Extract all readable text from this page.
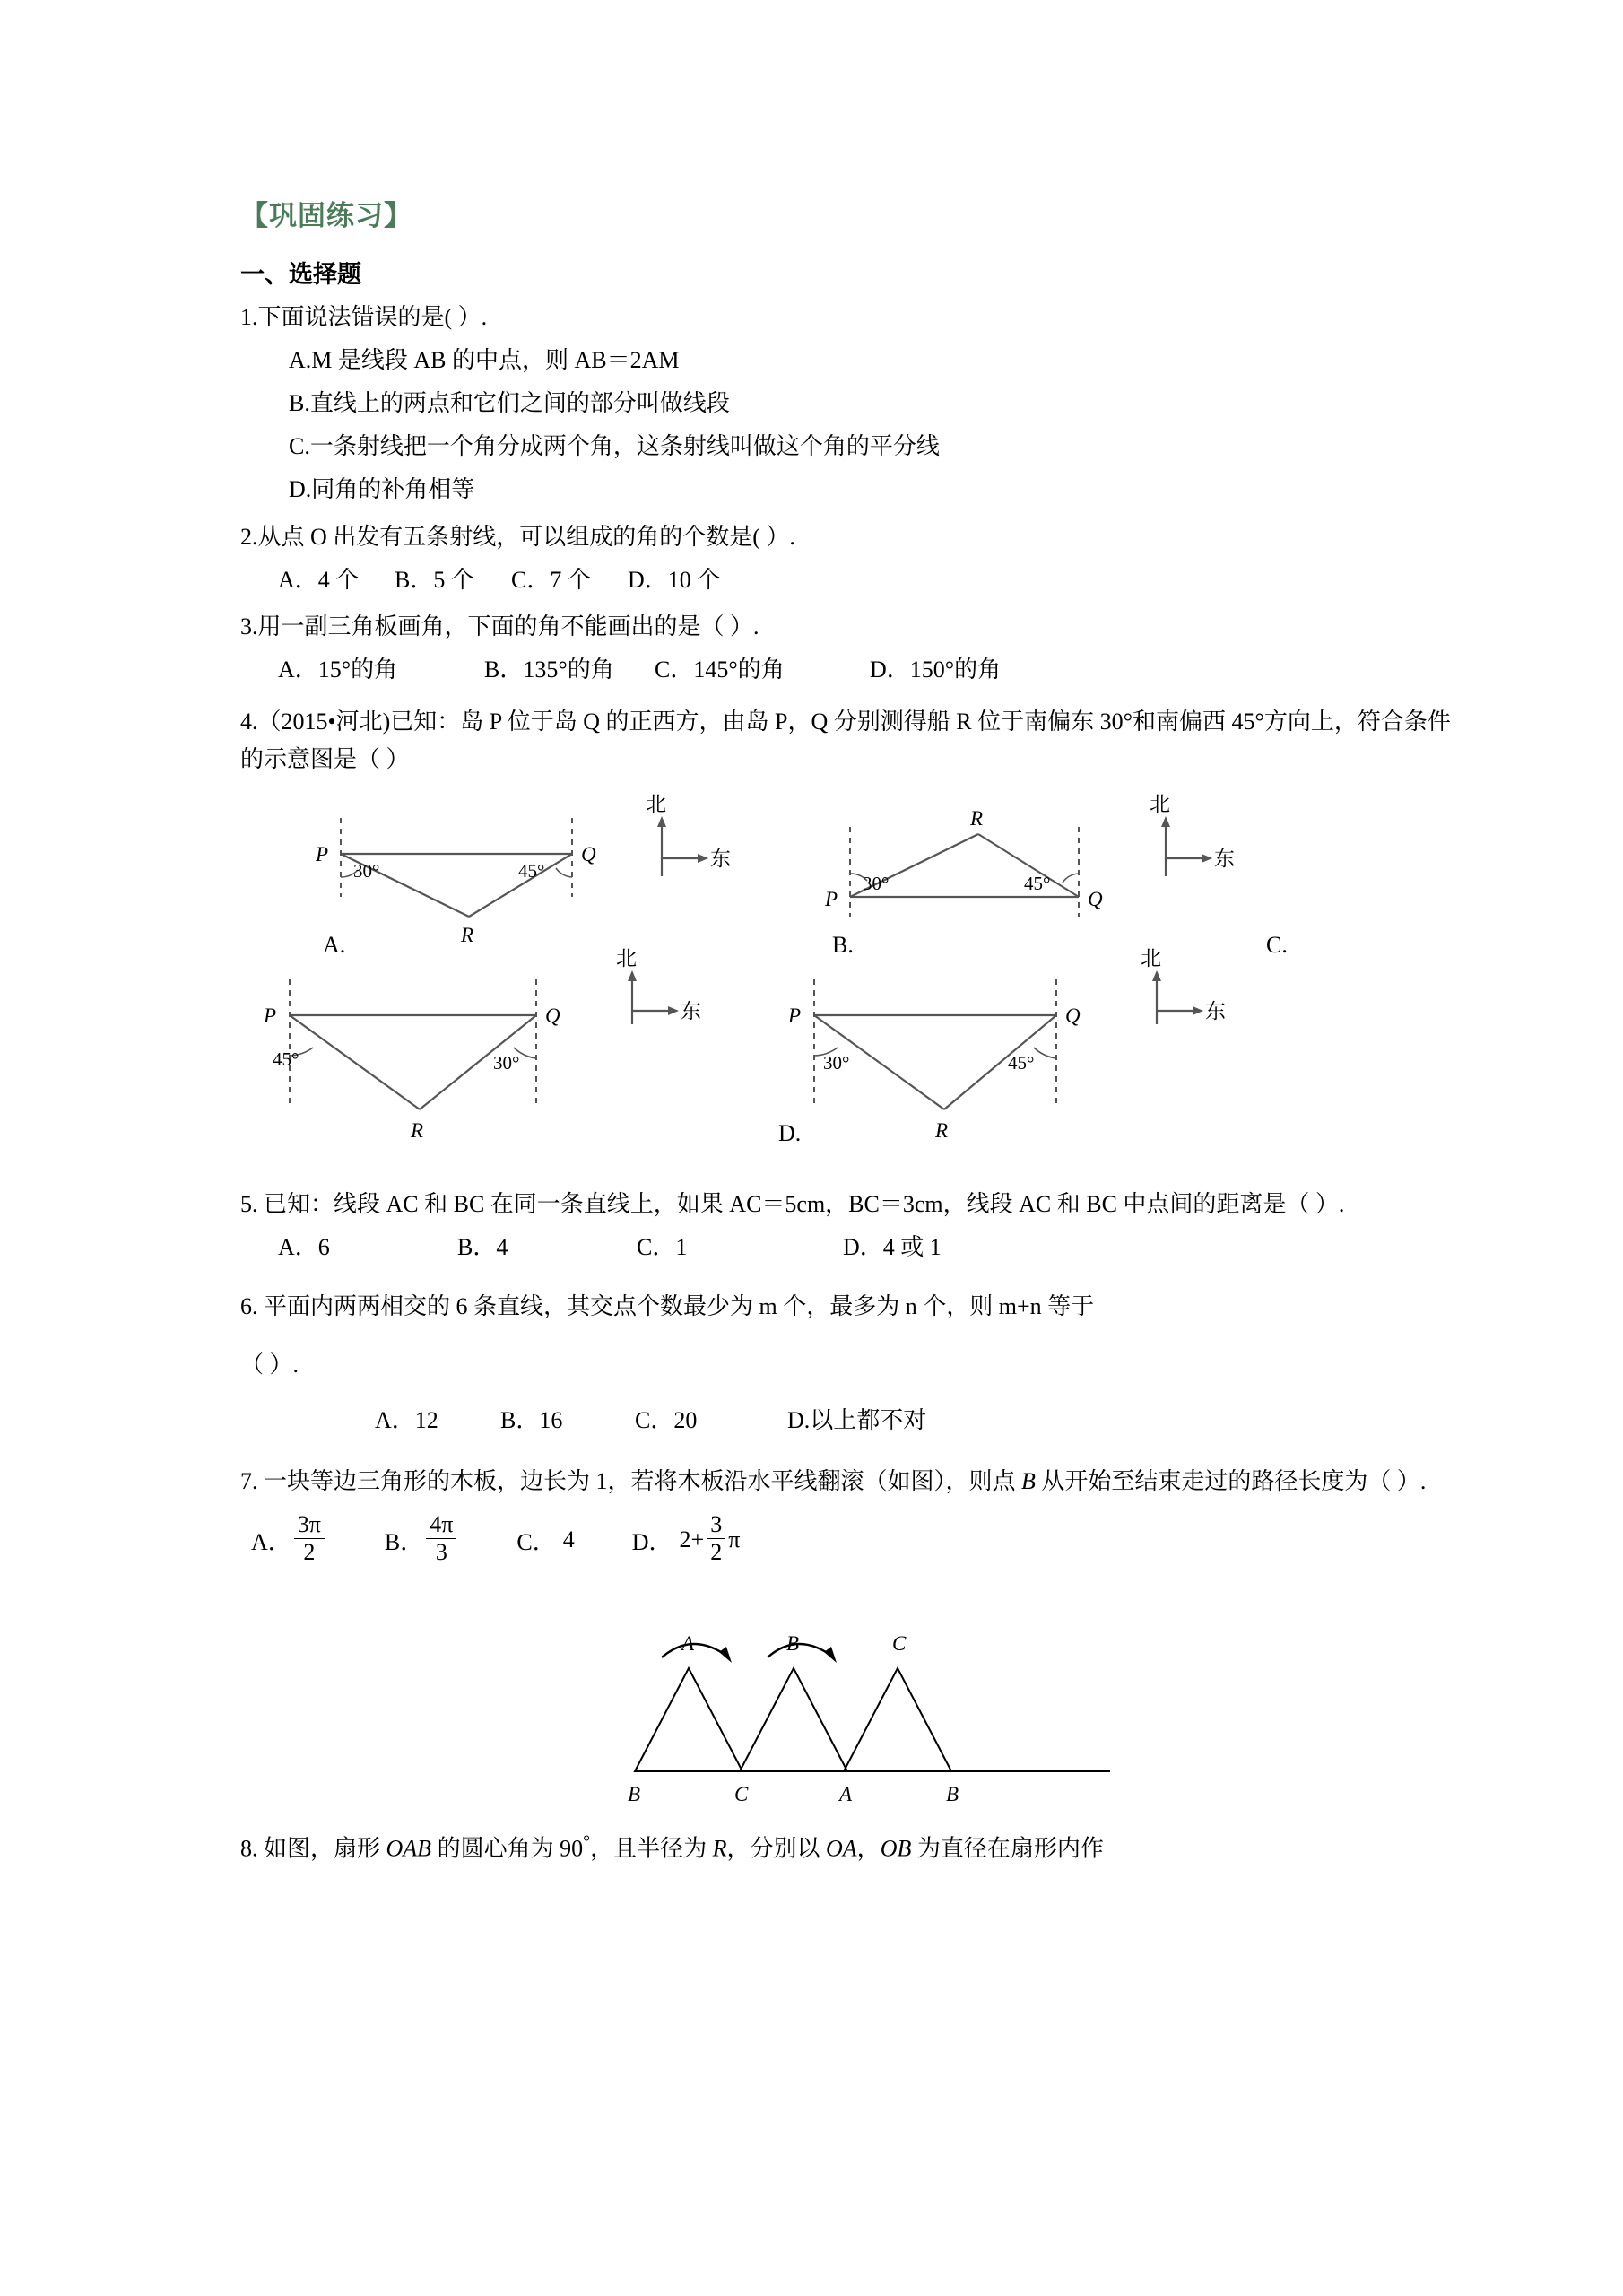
【巩固练习】
一、选择题
1.下面说法错误的是( ）.
A.M 是线段 AB 的中点，则 AB＝2AM
B.直线上的两点和它们之间的部分叫做线段
C.一条射线把一个角分成两个角，这条射线叫做这个角的平分线
D.同角的补角相等
2.从点 O 出发有五条射线，可以组成的角的个数是( ）.
A．4 个	B．5 个	C．7 个	D．10 个
3.用一副三角板画角，下面的角不能画出的是（ ）.
A．15°的角	B．135°的角	C．145°的角	D．150°的角
4.（2015•河北)已知：岛 P 位于岛 Q 的正西方，由岛 P，Q 分别测得船 R 位于南偏东 30°和南偏西 45°方向上，符合条件的示意图是（ ）
P	Q
R
30°	45°
北
东
A.
P	Q
R
30°	45°
北
东
B.	C.
P	Q
R
45°	30°
北
东	P	Q
R
30°	45°
北
东
D.
5. 已知：线段 AC 和 BC 在同一条直线上，如果 AC＝5cm，BC＝3cm，线段 AC 和 BC 中点间的距离是（ ）.
A．6	B．4	C．1	D．4 或 1
6. 平面内两两相交的 6 条直线，其交点个数最少为 m 个，最多为 n 个，则 m+n 等于
（ ）.
A．12	B．16	C．20	D.以上都不对
7. 一块等边三角形的木板，边长为 1，若将木板沿水平线翻滚（如图），则点 B 从开始至结束走过的路径长度为（ ）.
A． $\frac{3\pi}{2}$	B． $\frac{4\pi}{3}$	C． 4 D． $2+ \frac{3}{2}$ π
A	B	C
B	C	A	B
8. 如图，扇形 OAB 的圆心角为 90°，且半径为 R，分别以 OA，OB 为直径在扇形内作
